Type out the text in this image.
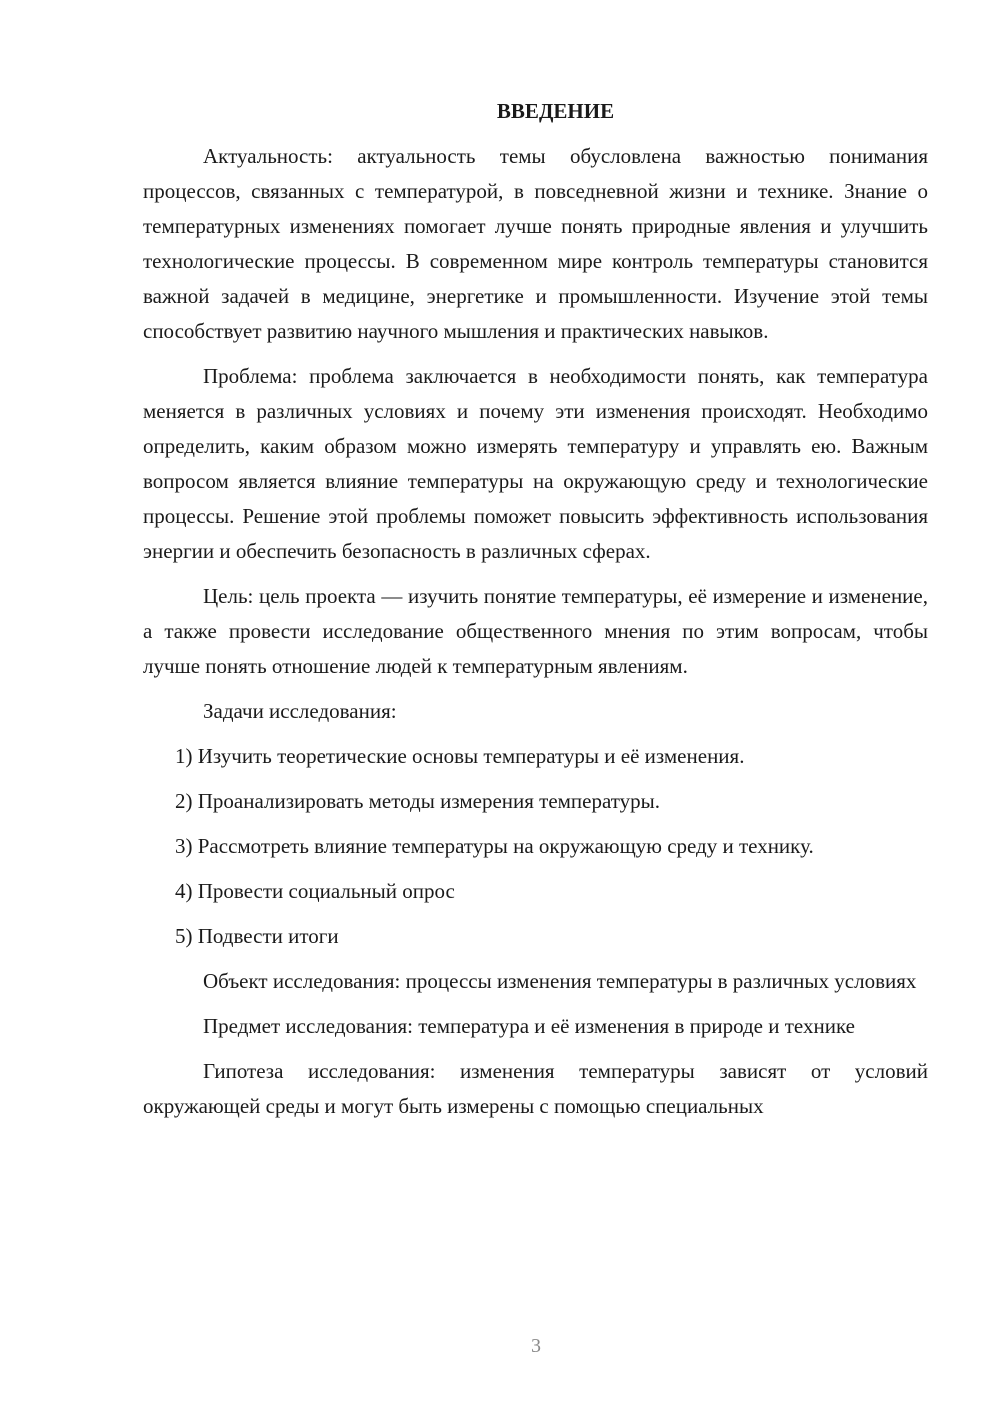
ВВЕДЕНИЕ

Актуальность: актуальность темы обусловлена важностью понимания процессов, связанных с температурой, в повседневной жизни и технике. Знание о температурных изменениях помогает лучше понять природные явления и улучшить технологические процессы. В современном мире контроль температуры становится важной задачей в медицине, энергетике и промышленности. Изучение этой темы способствует развитию научного мышления и практических навыков.

Проблема: проблема заключается в необходимости понять, как температура меняется в различных условиях и почему эти изменения происходят. Необходимо определить, каким образом можно измерять температуру и управлять ею. Важным вопросом является влияние температуры на окружающую среду и технологические процессы. Решение этой проблемы поможет повысить эффективность использования энергии и обеспечить безопасность в различных сферах.

Цель: цель проекта — изучить понятие температуры, её измерение и изменение, а также провести исследование общественного мнения по этим вопросам, чтобы лучше понять отношение людей к температурным явлениям.

Задачи исследования:

1) Изучить теоретические основы температуры и её изменения.

2) Проанализировать методы измерения температуры.

3) Рассмотреть влияние температуры на окружающую среду и технику.

4) Провести социальный опрос

5) Подвести итоги

Объект исследования: процессы изменения температуры в различных условиях

Предмет исследования: температура и её изменения в природе и технике

Гипотеза исследования: изменения температуры зависят от условий окружающей среды и могут быть измерены с помощью специальных

3
